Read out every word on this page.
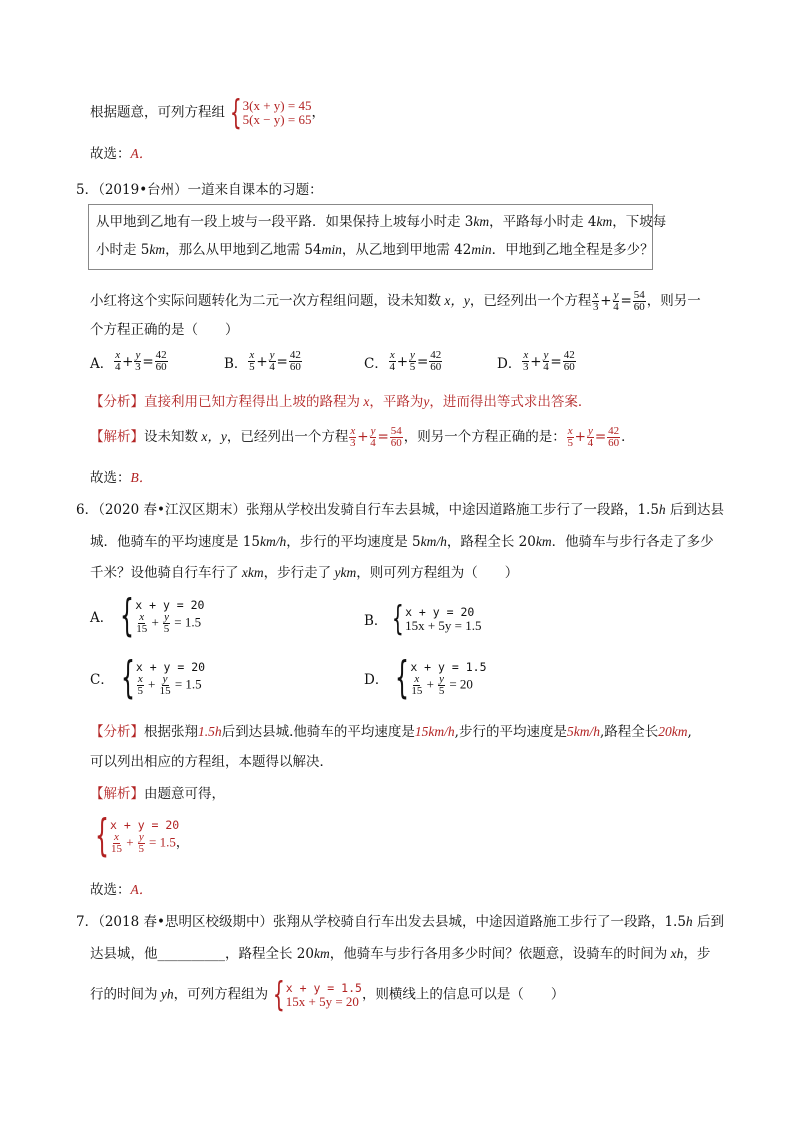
根据题意，可列方程组 { 3(x + y) = 45
5(x − y) = 65 ，
故选：A．
5．（2019•台州）一道来自课本的习题：
从甲地到乙地有一段上坡与一段平路．如果保持上坡每小时走 3km，平路每小时走 4km，下坡每
小时走 5km，那么从甲地到乙地需 54min，从乙地到甲地需 42min．甲地到乙地全程是多少？
小红将这个实际问题转化为二元一次方程组问题，设未知数 x，y，已经列出一个方程 $\frac{x}{3} + \frac{y}{4} = \frac{54}{60}$ ，则另一
个方程正确的是（　　）
A． $\frac{x}{4} + \frac{y}{3} = \frac{42}{60}$	B． $\frac{x}{5} + \frac{y}{4} = \frac{42}{60}$	C． $\frac{x}{4} + \frac{y}{5} = \frac{42}{60}$	D． $\frac{x}{3} + \frac{y}{4} = \frac{42}{60}$
【分析】直接利用已知方程得出上坡的路程为 x，平路为y，进而得出等式求出答案．
【解析】设未知数 x，y，已经列出一个方程 $\frac{x}{3} + \frac{y}{4} = \frac{54}{60}$ ，则另一个方程正确的是： $\frac{x}{5} + \frac{y}{4} = \frac{42}{60}$ ．
故选：B．
6．（2020 春•江汉区期末）张翔从学校出发骑自行车去县城，中途因道路施工步行了一段路，1.5h 后到达县
城．他骑车的平均速度是 15km/h，步行的平均速度是 5km/h，路程全长 20km．他骑车与步行各走了多少
千米？设他骑自行车行了 xkm，步行走了 ykm，则可列方程组为（　　）
A． { x + y = 20
$\frac{x}{15} + \frac{y}{5} = 1.5$	B． { x + y = 20
15x + 5y = 1.5
C． { x + y = 20
$\frac{x}{5} + \frac{y}{15} = 1.5$	D． { x + y = 1.5
$\frac{x}{15} + \frac{y}{5} = 20$
【分析】根据张翔1.5h后到达县城.他骑车的平均速度是15km/h,步行的平均速度是5km/h,路程全长20km,
可以列出相应的方程组，本题得以解决．
【解析】由题意可得，
{ x + y = 20
$\frac{x}{15} + \frac{y}{5} = 1.5$，
故选：A．
7．（2018 春•思明区校级期中）张翔从学校骑自行车出发去县城，中途因道路施工步行了一段路，1.5h 后到
达县城，他__________，路程全长 20km，他骑车与步行各用多少时间？依题意，设骑车的时间为 xh，步
行的时间为 yh，可列方程组为 { x + y = 1.5
15x + 5y = 20 ，则横线上的信息可以是（　　）
